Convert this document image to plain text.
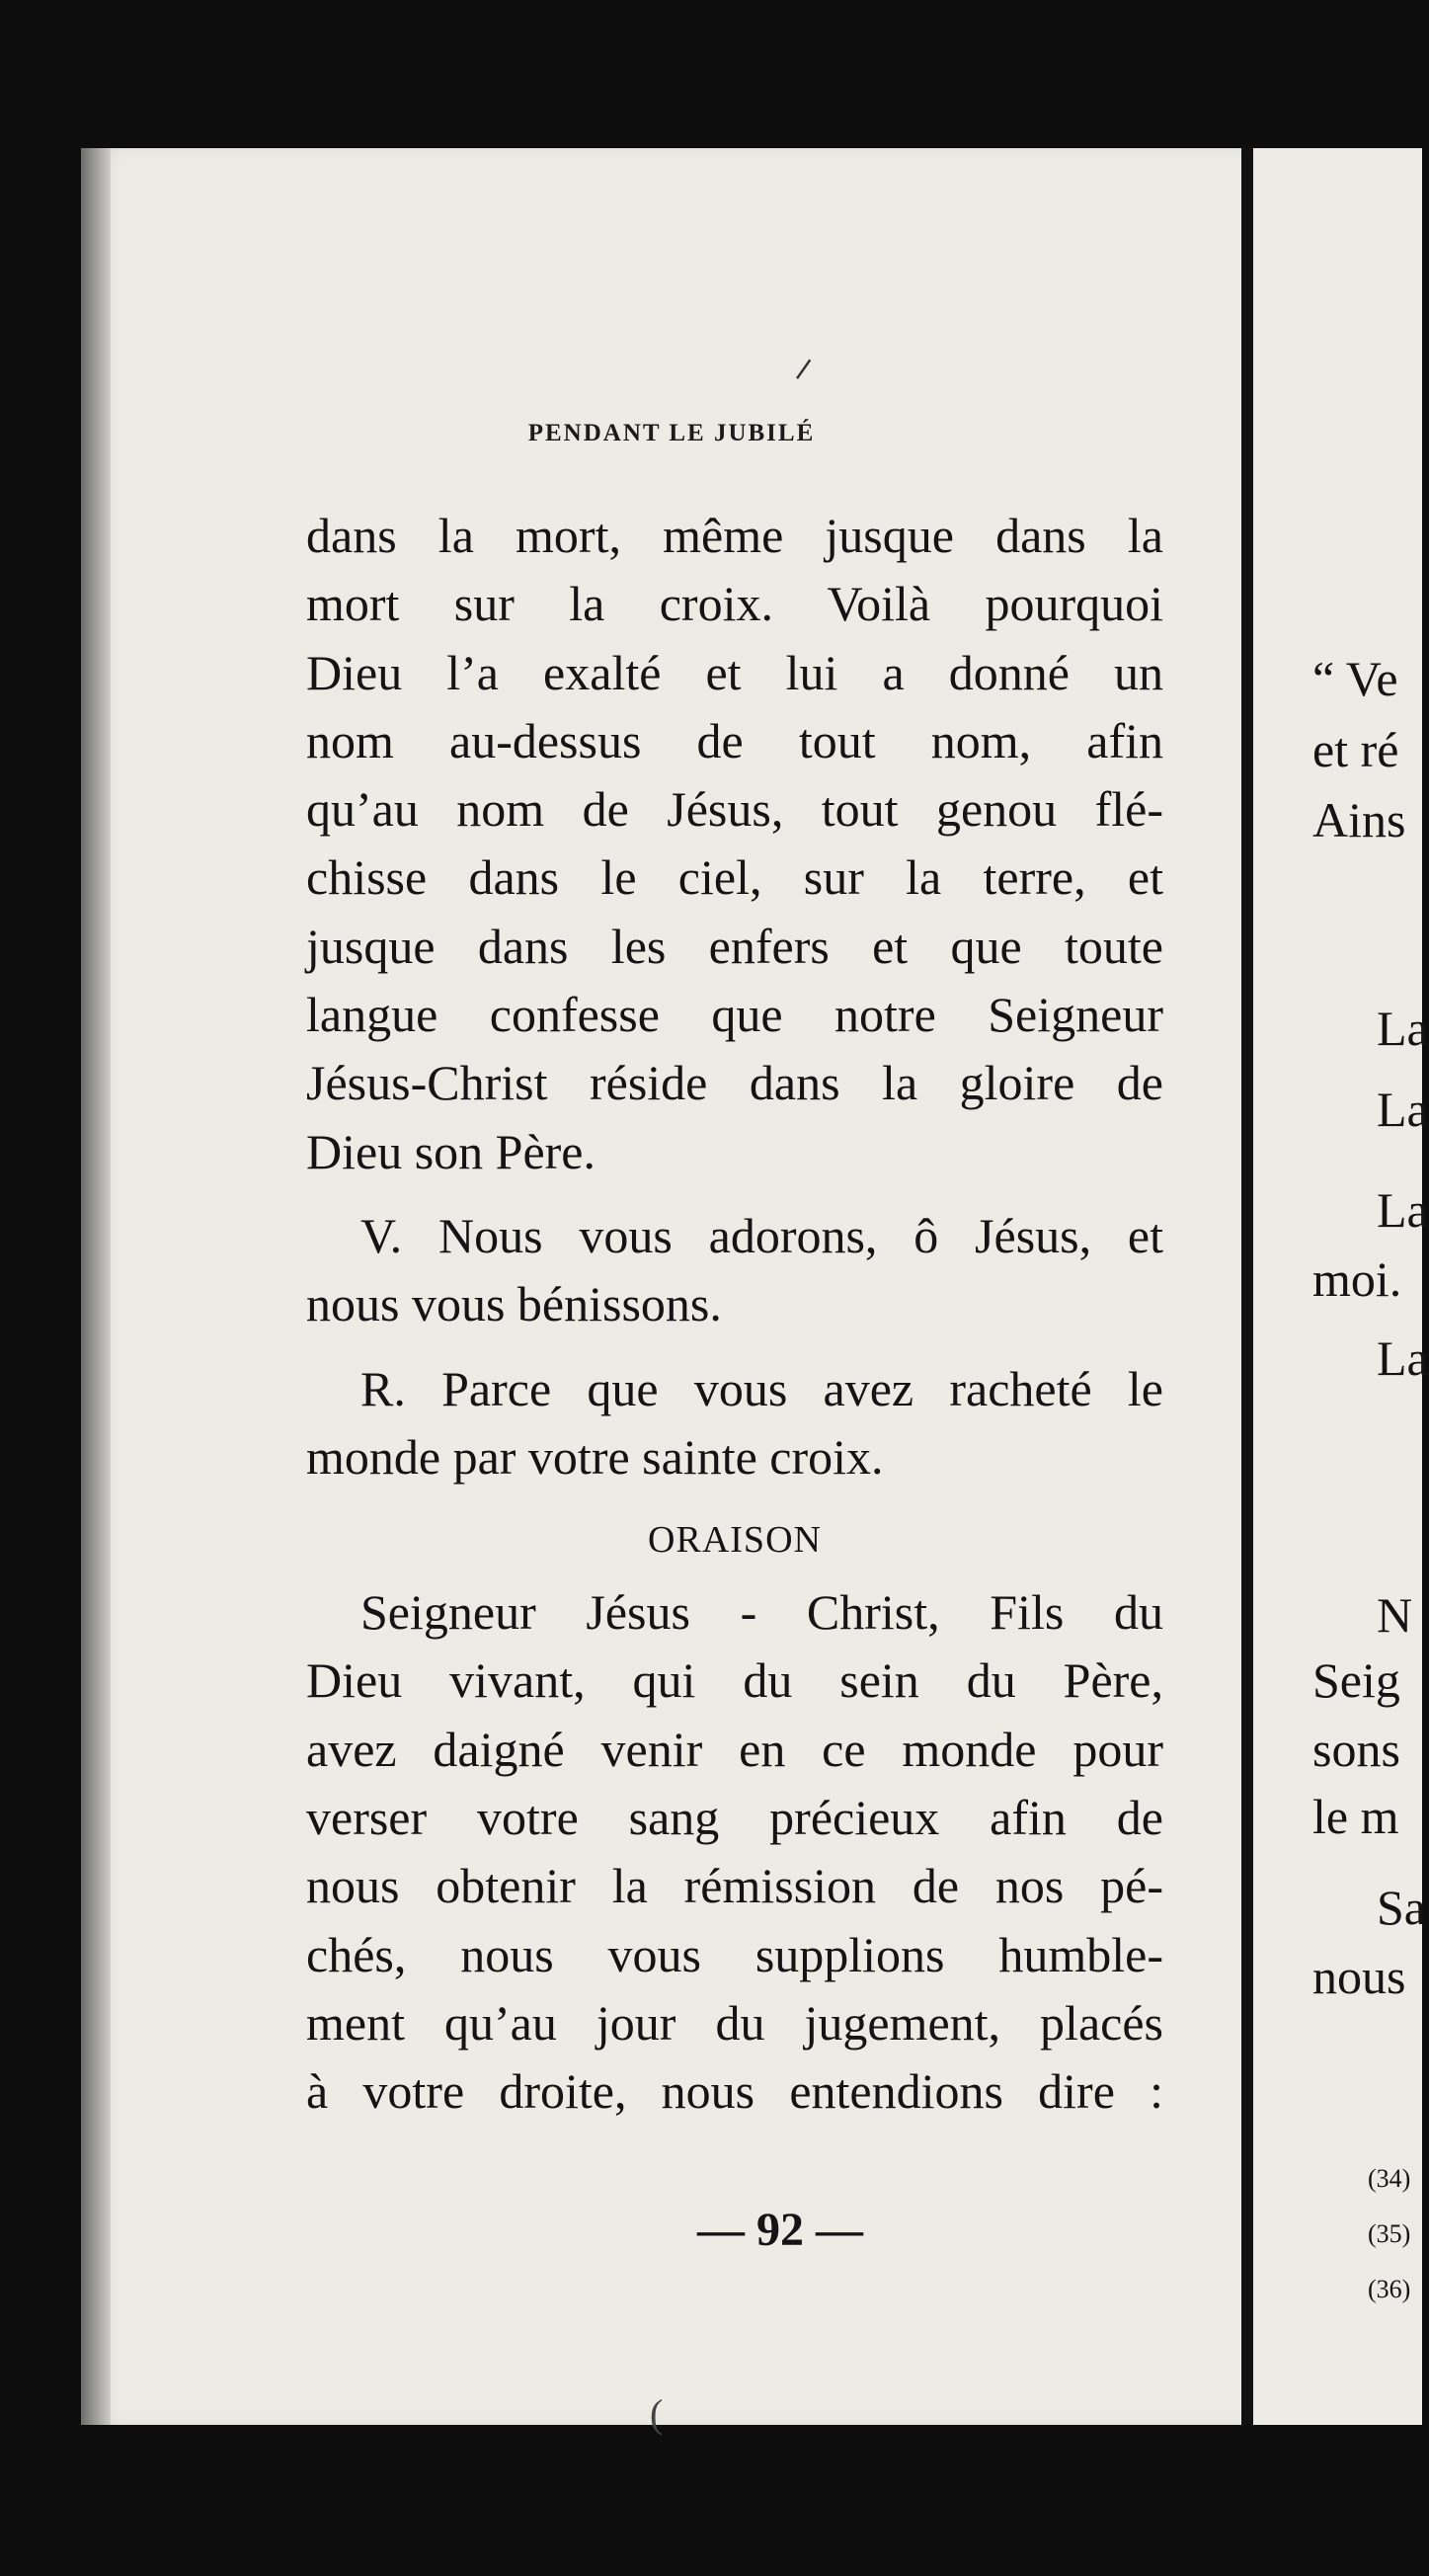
“ Ve
et ré
Ains
La
La
La
moi.
La
N
Seig
sons
le m
Sa
nous
(34)
(35)
(36)
⸝
PENDANT LE JUBILÉ

dans la mort, même jusque dans la
mort sur la croix. Voilà pourquoi
Dieu l’a exalté et lui a donné un
nom au-dessus de tout nom, afin
qu’au nom de Jésus, tout genou flé-
chisse dans le ciel, sur la terre, et
jusque dans les enfers et que toute
langue confesse que notre Seigneur
Jésus-Christ réside dans la gloire de
Dieu son Père.

V. Nous vous adorons, ô Jésus, et
nous vous bénissons.

R. Parce que vous avez racheté le
monde par votre sainte croix.

ORAISON

Seigneur Jésus - Christ, Fils du
Dieu vivant, qui du sein du Père,
avez daigné venir en ce monde pour
verser votre sang précieux afin de
nous obtenir la rémission de nos pé-
chés, nous vous supplions humble-
ment qu’au jour du jugement, placés
à votre droite, nous entendions dire :

— 92 —
(
